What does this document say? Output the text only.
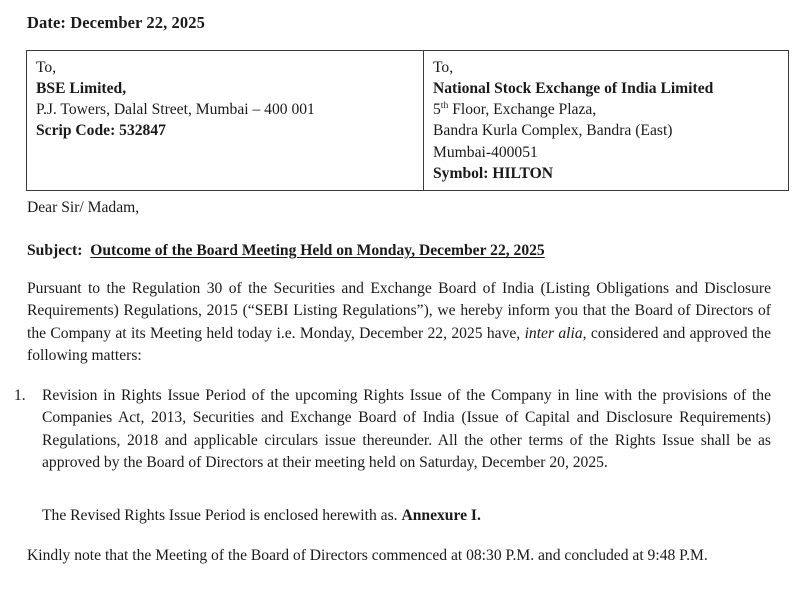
Date: December 22, 2025
To,
BSE Limited,
P.J. Towers, Dalal Street, Mumbai – 400 001
Scrip Code: 532847

To,
National Stock Exchange of India Limited
5th Floor, Exchange Plaza,
Bandra Kurla Complex, Bandra (East)
Mumbai-400051
Symbol: HILTON
Dear Sir/ Madam,
Subject: Outcome of the Board Meeting Held on Monday, December 22, 2025
Pursuant to the Regulation 30 of the Securities and Exchange Board of India (Listing Obligations and Disclosure Requirements) Regulations, 2015 (“SEBI Listing Regulations”), we hereby inform you that the Board of Directors of the Company at its Meeting held today i.e. Monday, December 22, 2025 have, inter alia, considered and approved the following matters:
1.	Revision in Rights Issue Period of the upcoming Rights Issue of the Company in line with the provisions of the Companies Act, 2013, Securities and Exchange Board of India (Issue of Capital and Disclosure Requirements) Regulations, 2018 and applicable circulars issue thereunder. All the other terms of the Rights Issue shall be as approved by the Board of Directors at their meeting held on Saturday, December 20, 2025.
The Revised Rights Issue Period is enclosed herewith as. Annexure I.
Kindly note that the Meeting of the Board of Directors commenced at 08:30 P.M. and concluded at 9:48 P.M.
